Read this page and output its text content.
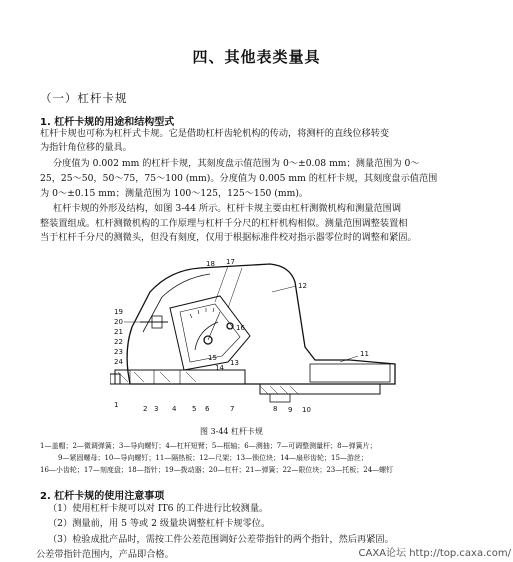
四、其他表类量具
（一）杠杆卡规
1. 杠杆卡规的用途和结构型式
杠杆卡规也可称为杠杆式卡规。它是借助杠杆齿轮机构的传动，将测杆的直线位移转变
为指针角位移的量具。
分度值为 0.002 mm 的杠杆卡规，其刻度盘示值范围为 0～±0.08 mm；测量范围为 0～
25，25～50，50～75，75～100 (mm)。分度值为 0.005 mm 的杠杆卡规，其刻度盘示值范围
为 0～±0.15 mm；测量范围为 100～125，125～150 (mm)。
杠杆卡规的外形及结构，如图 3-44 所示。杠杆卡规主要由杠杆测微机构和测量范围调
整装置组成。杠杆测微机构的工作原理与杠杆千分尺的杠杆机构相似。测量范围调整装置相
当于杠杆千分尺的测微头，但没有刻度，仅用于根据标准件校对指示器零位时的调整和紧固。
1	2 3 4 5 6	7	8 9 10
11
12
13
14
15
16
17
18
19
20
21
22
23
24
图 3-44 杠杆卡规
1—盖帽；2—微调弹簧；3—导向螺钉；4—杠杆短臂；5—框轴；6—测抽；7—可调整测量杆；8—弹簧片；
9—紧固螺母；10—导向螺钉；11—隔热板；12—尺架；13—锁位块；14—扇形齿轮；15—游丝；
16—小齿轮；17—刻度盘；18—指针；19—拨动器；20—杠杆；21—弹簧；22—限位块；23—托板；24—螺钉
2. 杠杆卡规的使用注意事项
（1）使用杠杆卡规可以对 IT6 的工件进行比较测量。
（2）测量前，用 5 等或 2 级量块调整杠杆卡规零位。
（3）检验成批产品时，需按工件公差范围调好公差带指针的两个指针，然后再紧固。
公差带指针范围内，产品即合格。	CAXA论坛 http://top.caxa.com/
